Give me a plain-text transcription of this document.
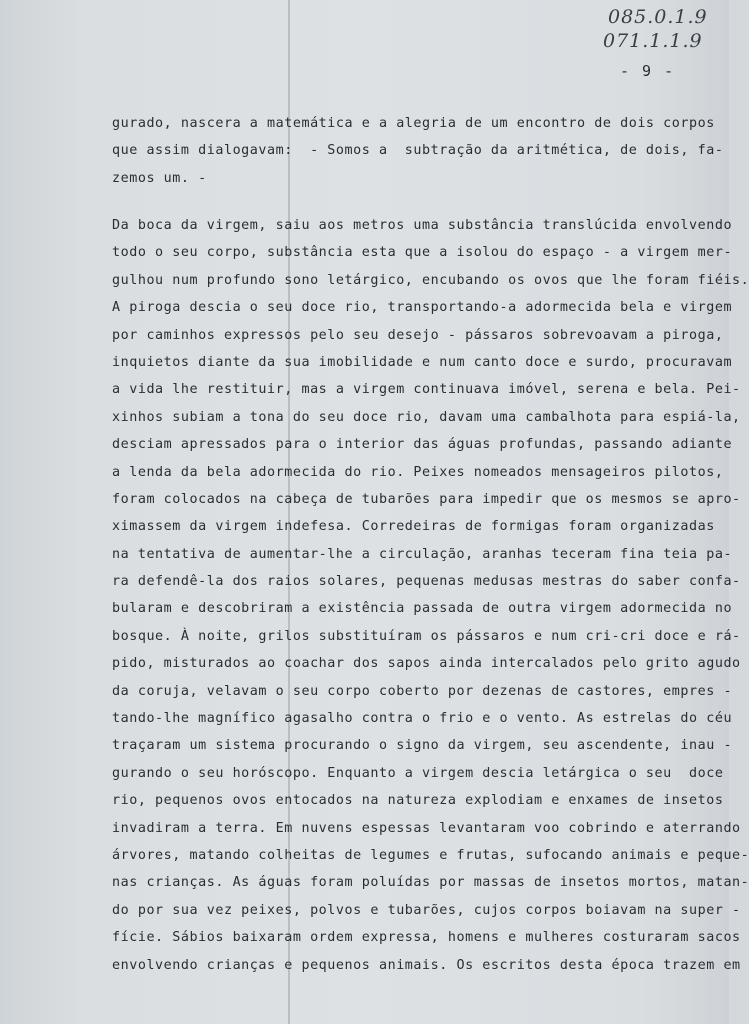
085.0.1.9
071.1.1.9
- 9 -
gurado, nascera a matemática e a alegria de um encontro de dois corpos
que assim dialogavam:  - Somos a  subtração da aritmética, de dois, fa-
zemos um. -
Da boca da virgem, saiu aos metros uma substância translúcida envolvendo
todo o seu corpo, substância esta que a isolou do espaço - a virgem mer-
gulhou num profundo sono letárgico, encubando os ovos que lhe foram fiéis.
A piroga descia o seu doce rio, transportando-a adormecida bela e virgem
por caminhos expressos pelo seu desejo - pássaros sobrevoavam a piroga,
inquietos diante da sua imobilidade e num canto doce e surdo, procuravam
a vida lhe restituir, mas a virgem continuava imóvel, serena e bela. Pei-
xinhos subiam a tona do seu doce rio, davam uma cambalhota para espiá-la,
desciam apressados para o interior das águas profundas, passando adiante
a lenda da bela adormecida do rio. Peixes nomeados mensageiros pilotos,
foram colocados na cabeça de tubarões para impedir que os mesmos se apro-
ximassem da virgem indefesa. Corredeiras de formigas foram organizadas
na tentativa de aumentar-lhe a circulação, aranhas teceram fina teia pa-
ra defendê-la dos raios solares, pequenas medusas mestras do saber confa-
bularam e descobriram a existência passada de outra virgem adormecida no
bosque. À noite, grilos substituíram os pássaros e num cri-cri doce e rá-
pido, misturados ao coachar dos sapos ainda intercalados pelo grito agudo
da coruja, velavam o seu corpo coberto por dezenas de castores, empres -
tando-lhe magnífico agasalho contra o frio e o vento. As estrelas do céu
traçaram um sistema procurando o signo da virgem, seu ascendente, inau -
gurando o seu horóscopo. Enquanto a virgem descia letárgica o seu  doce
rio, pequenos ovos entocados na natureza explodiam e enxames de insetos
invadiram a terra. Em nuvens espessas levantaram voo cobrindo e aterrando
árvores, matando colheitas de legumes e frutas, sufocando animais e peque-
nas crianças. As águas foram poluídas por massas de insetos mortos, matan-
do por sua vez peixes, polvos e tubarões, cujos corpos boiavam na super -
fície. Sábios baixaram ordem expressa, homens e mulheres costuraram sacos
envolvendo crianças e pequenos animais. Os escritos desta época trazem em
